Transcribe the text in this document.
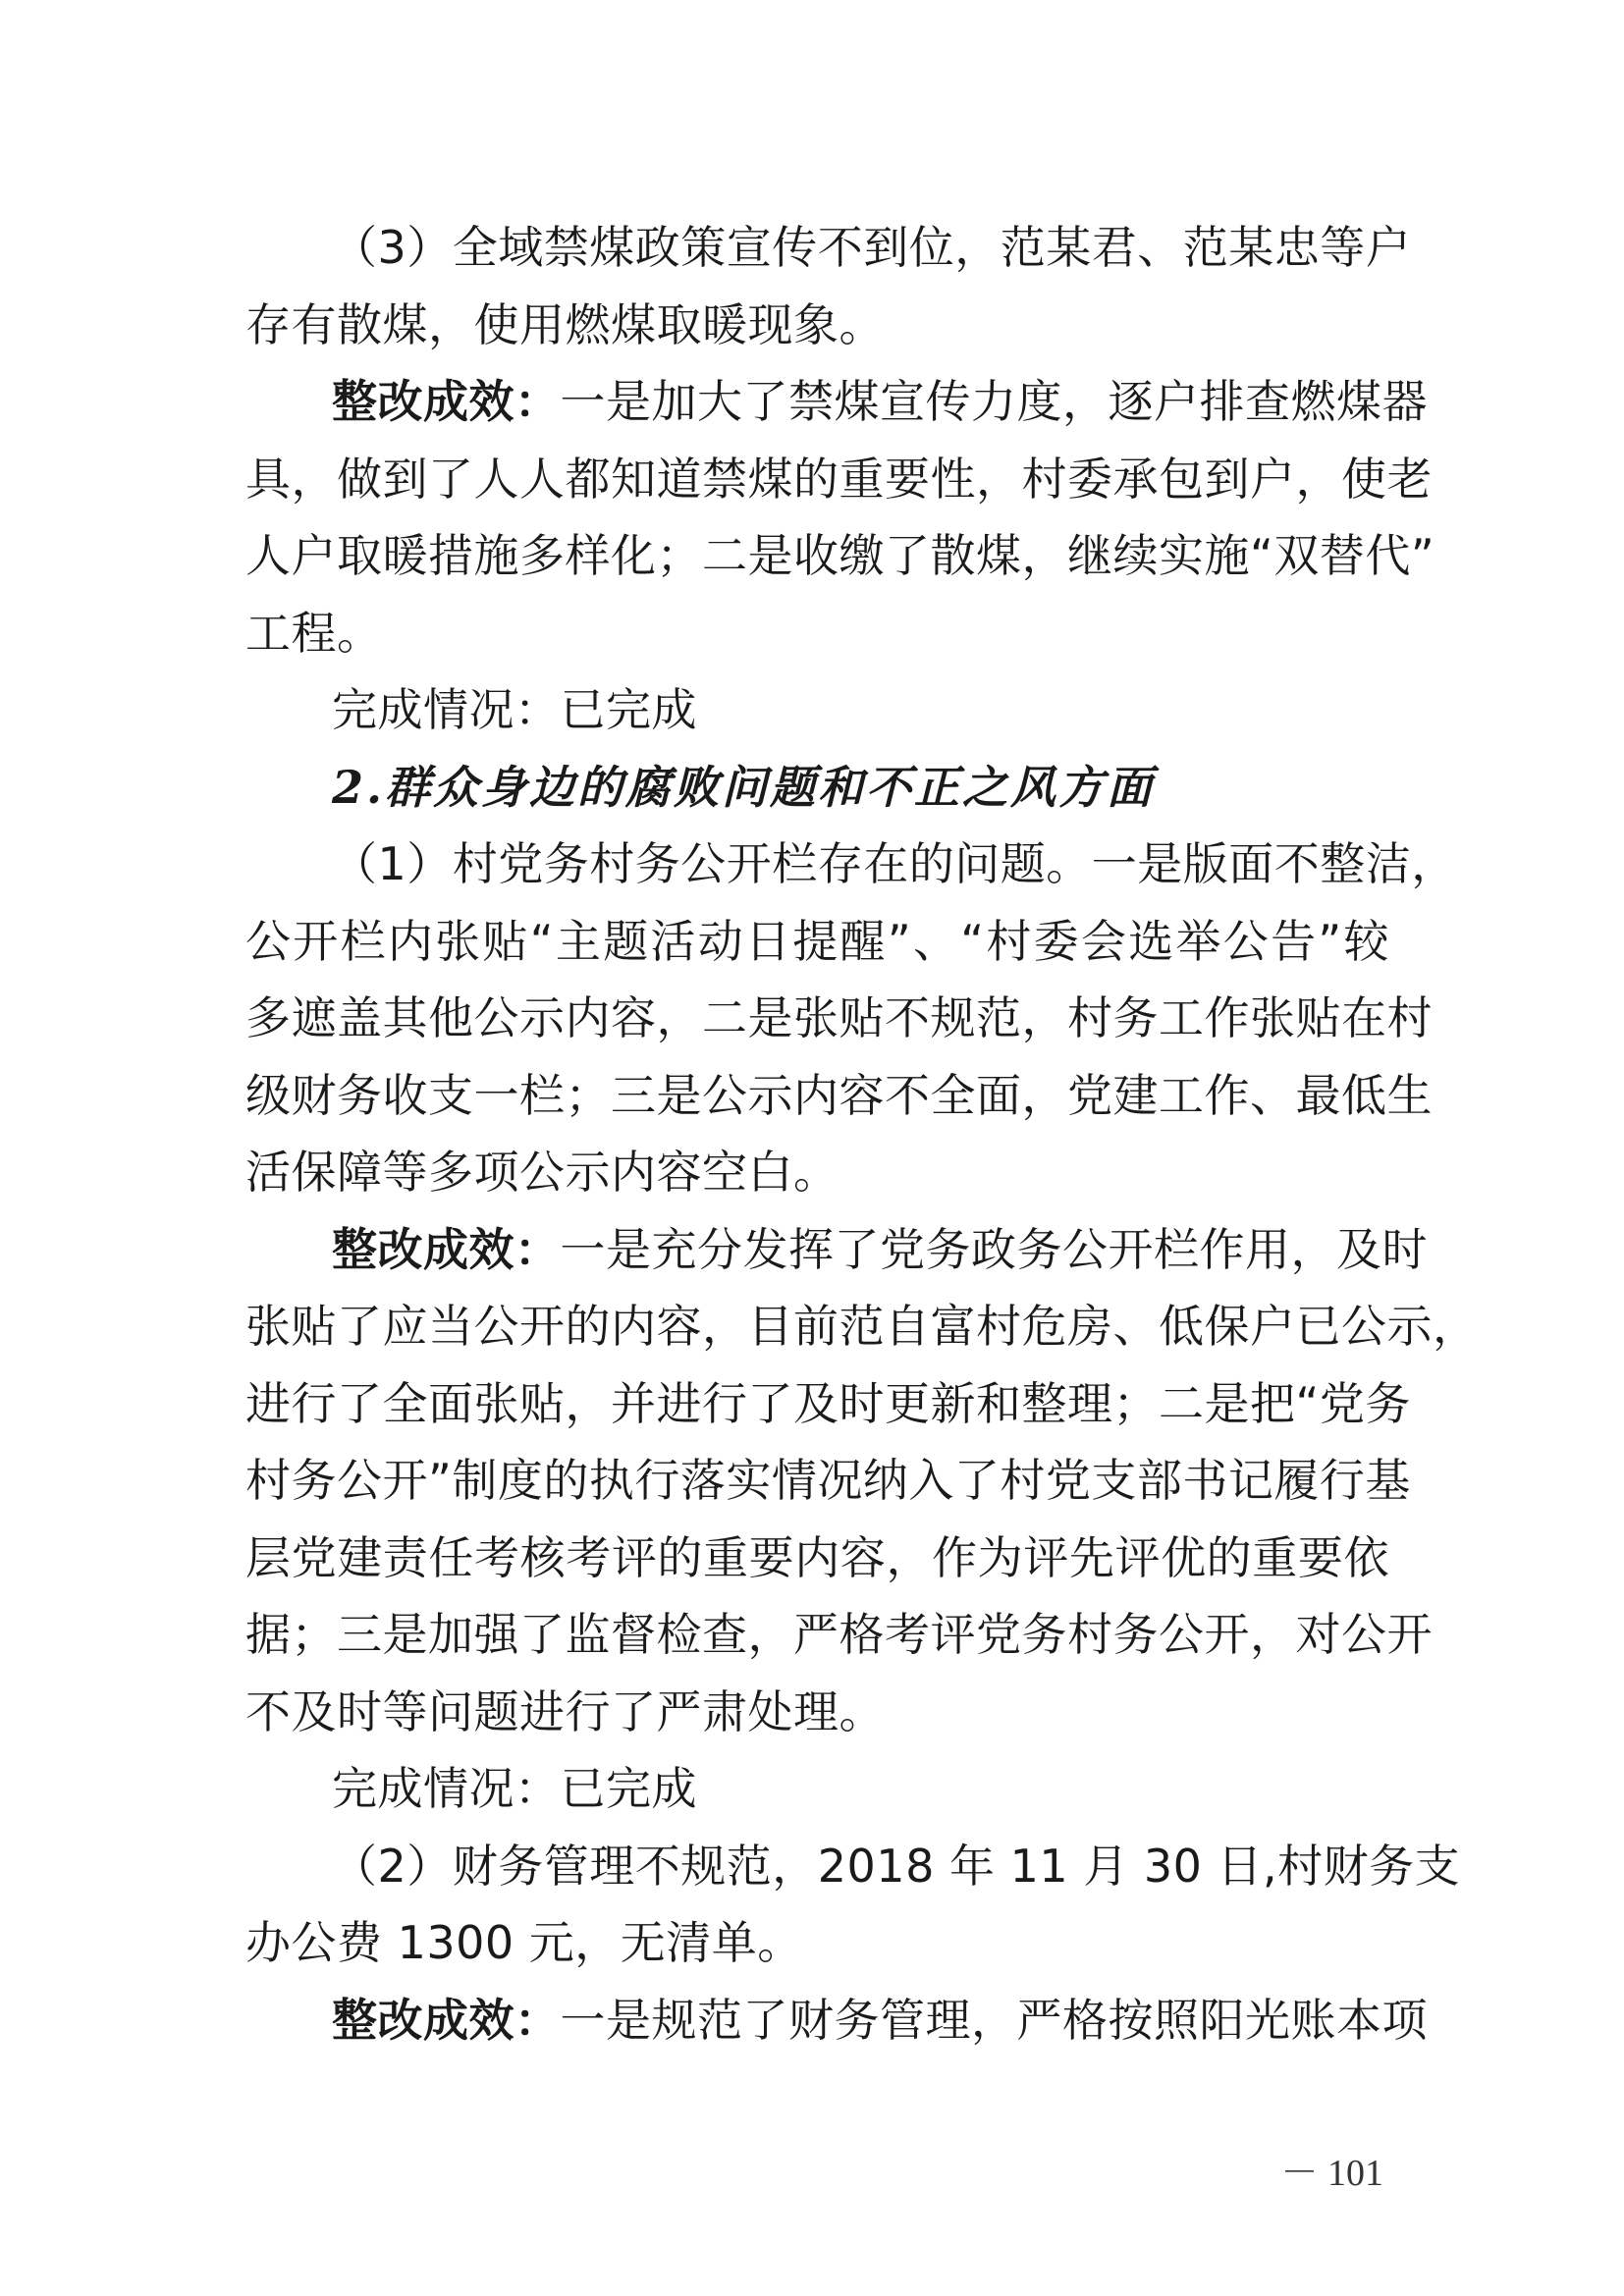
（3）全域禁煤政策宣传不到位，范某君、范某忠等户
存有散煤，使用燃煤取暖现象。
整改成效：一是加大了禁煤宣传力度，逐户排查燃煤器
具，做到了人人都知道禁煤的重要性，村委承包到户，使老
人户取暖措施多样化；二是收缴了散煤，继续实施“双替代”
工程。
完成情况：已完成
2.群众身边的腐败问题和不正之风方面
（1）村党务村务公开栏存在的问题。一是版面不整洁，
公开栏内张贴“主题活动日提醒”、“村委会选举公告”较
多遮盖其他公示内容，二是张贴不规范，村务工作张贴在村
级财务收支一栏；三是公示内容不全面，党建工作、最低生
活保障等多项公示内容空白。
整改成效：一是充分发挥了党务政务公开栏作用，及时
张贴了应当公开的内容，目前范自富村危房、低保户已公示，
进行了全面张贴，并进行了及时更新和整理；二是把“党务
村务公开”制度的执行落实情况纳入了村党支部书记履行基
层党建责任考核考评的重要内容，作为评先评优的重要依
据；三是加强了监督检查，严格考评党务村务公开，对公开
不及时等问题进行了严肃处理。
完成情况：已完成
（2）财务管理不规范，2018 年 11 月 30 日,村财务支
办公费 1300 元，无清单。
整改成效：一是规范了财务管理，严格按照阳光账本项
－ 101
